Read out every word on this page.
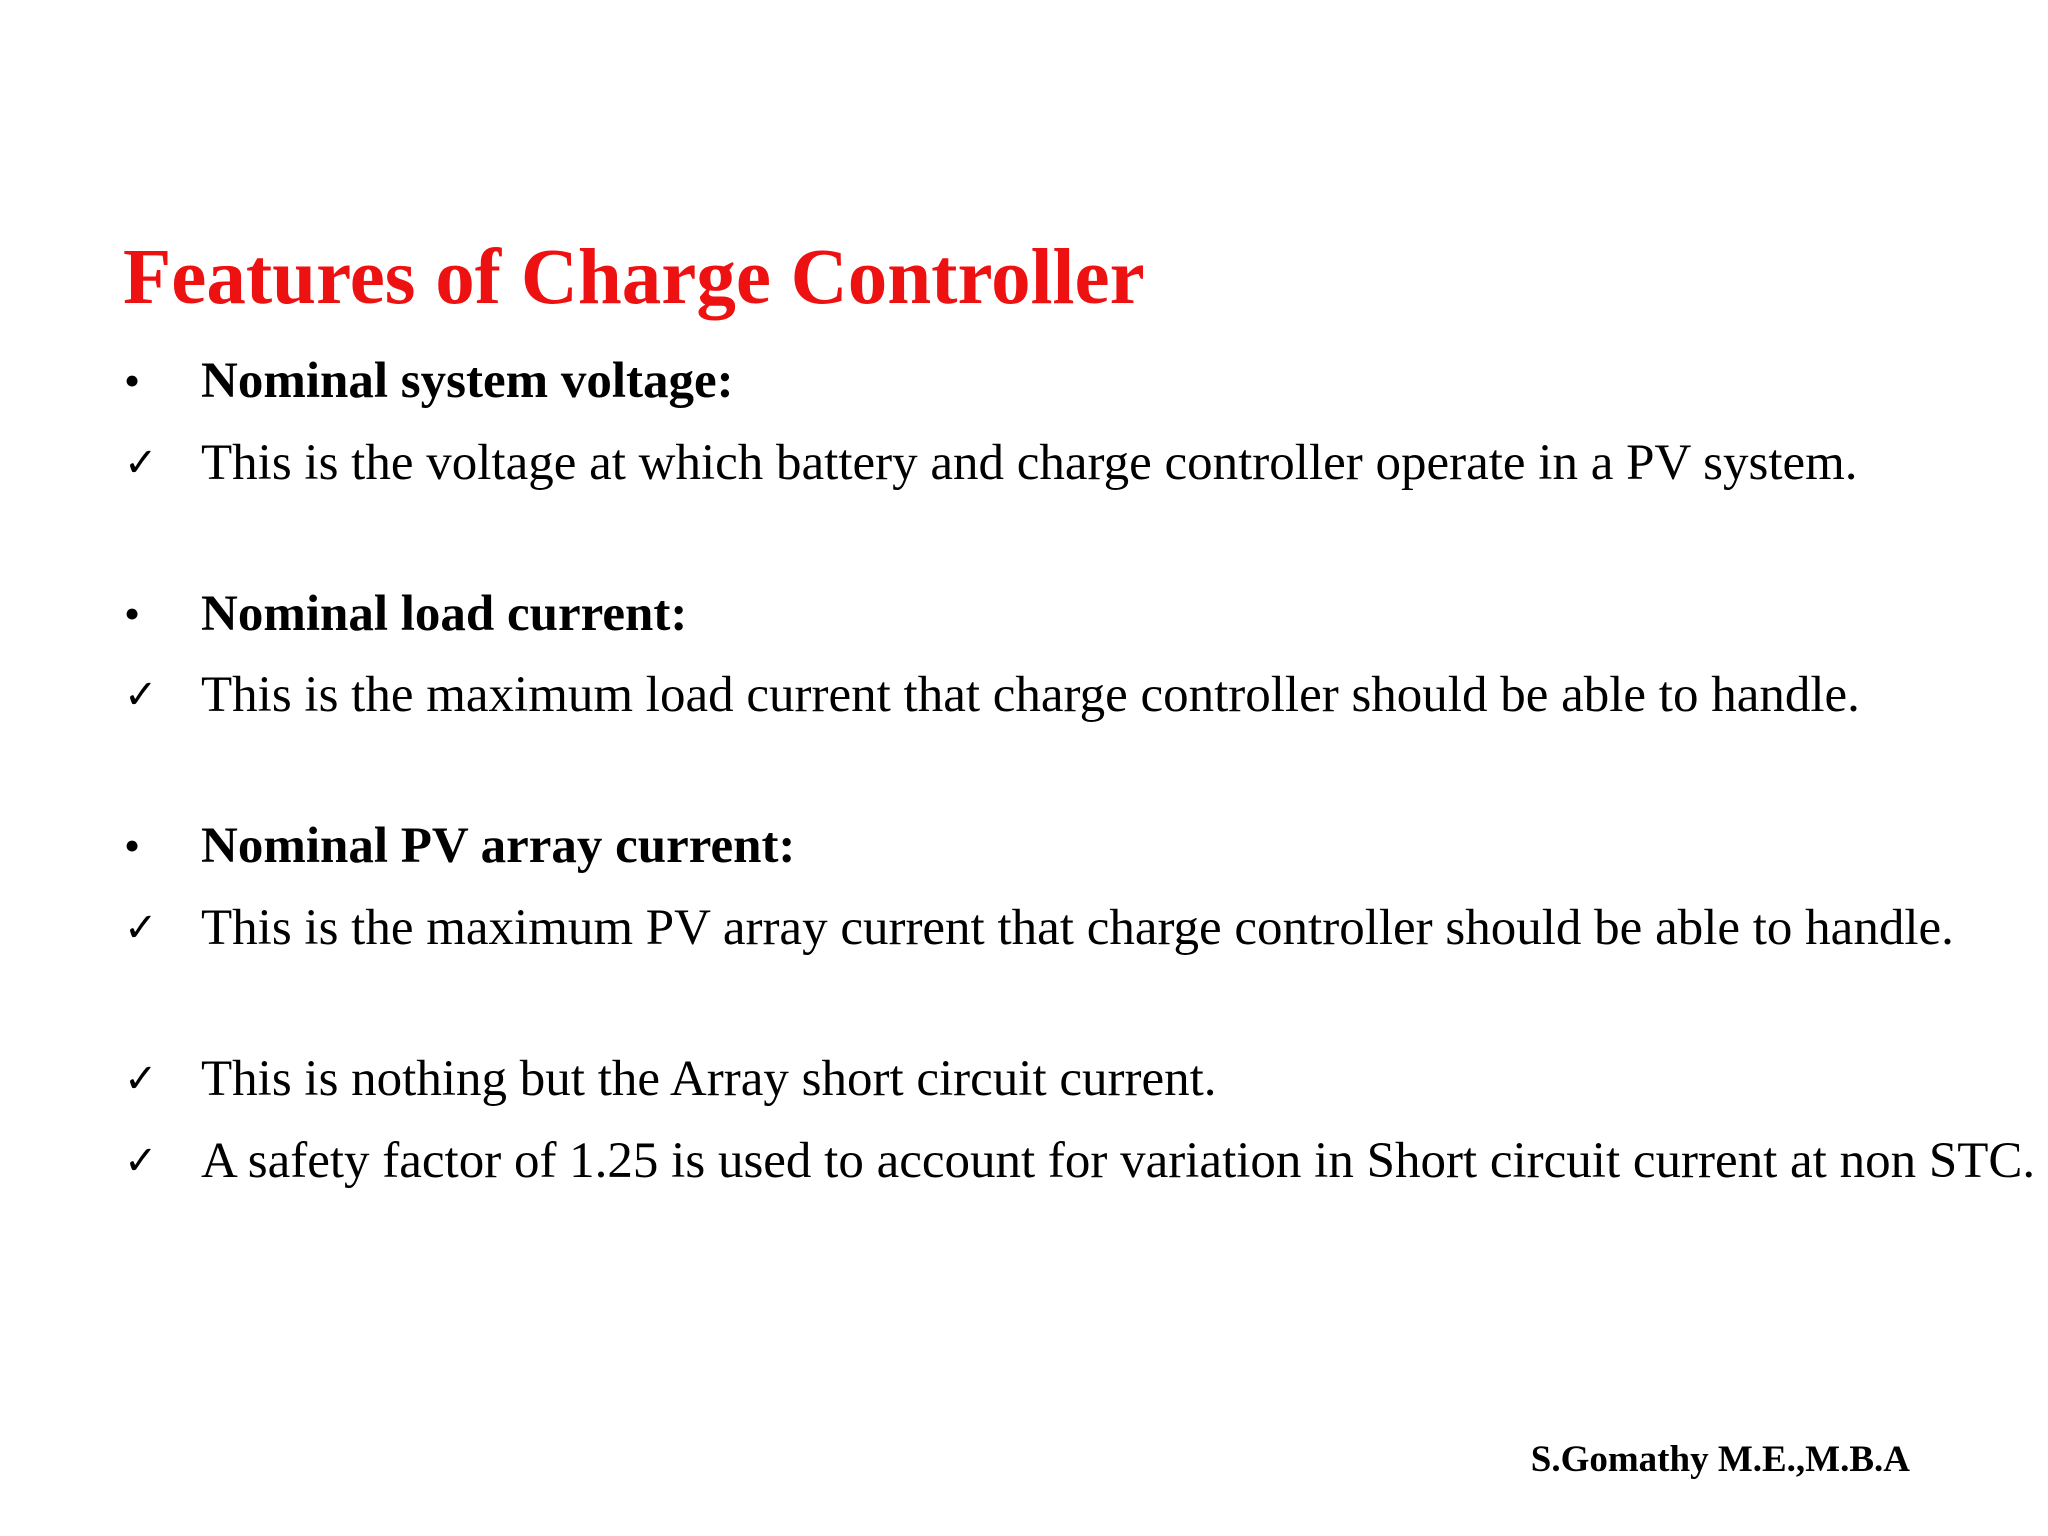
Features of Charge Controller
•	Nominal system voltage:
✓ This is the voltage at which battery and charge controller operate in a PV system.
•	Nominal load current:
✓ This is the maximum load current that charge controller should be able to handle.
•	Nominal PV array current:
✓ This is the maximum PV array current that charge controller should be able to handle.
✓ This is nothing but the Array short circuit current.
✓ A safety factor of 1.25 is used to account for variation in Short circuit current at non STC.
S.Gomathy M.E.,M.B.A
